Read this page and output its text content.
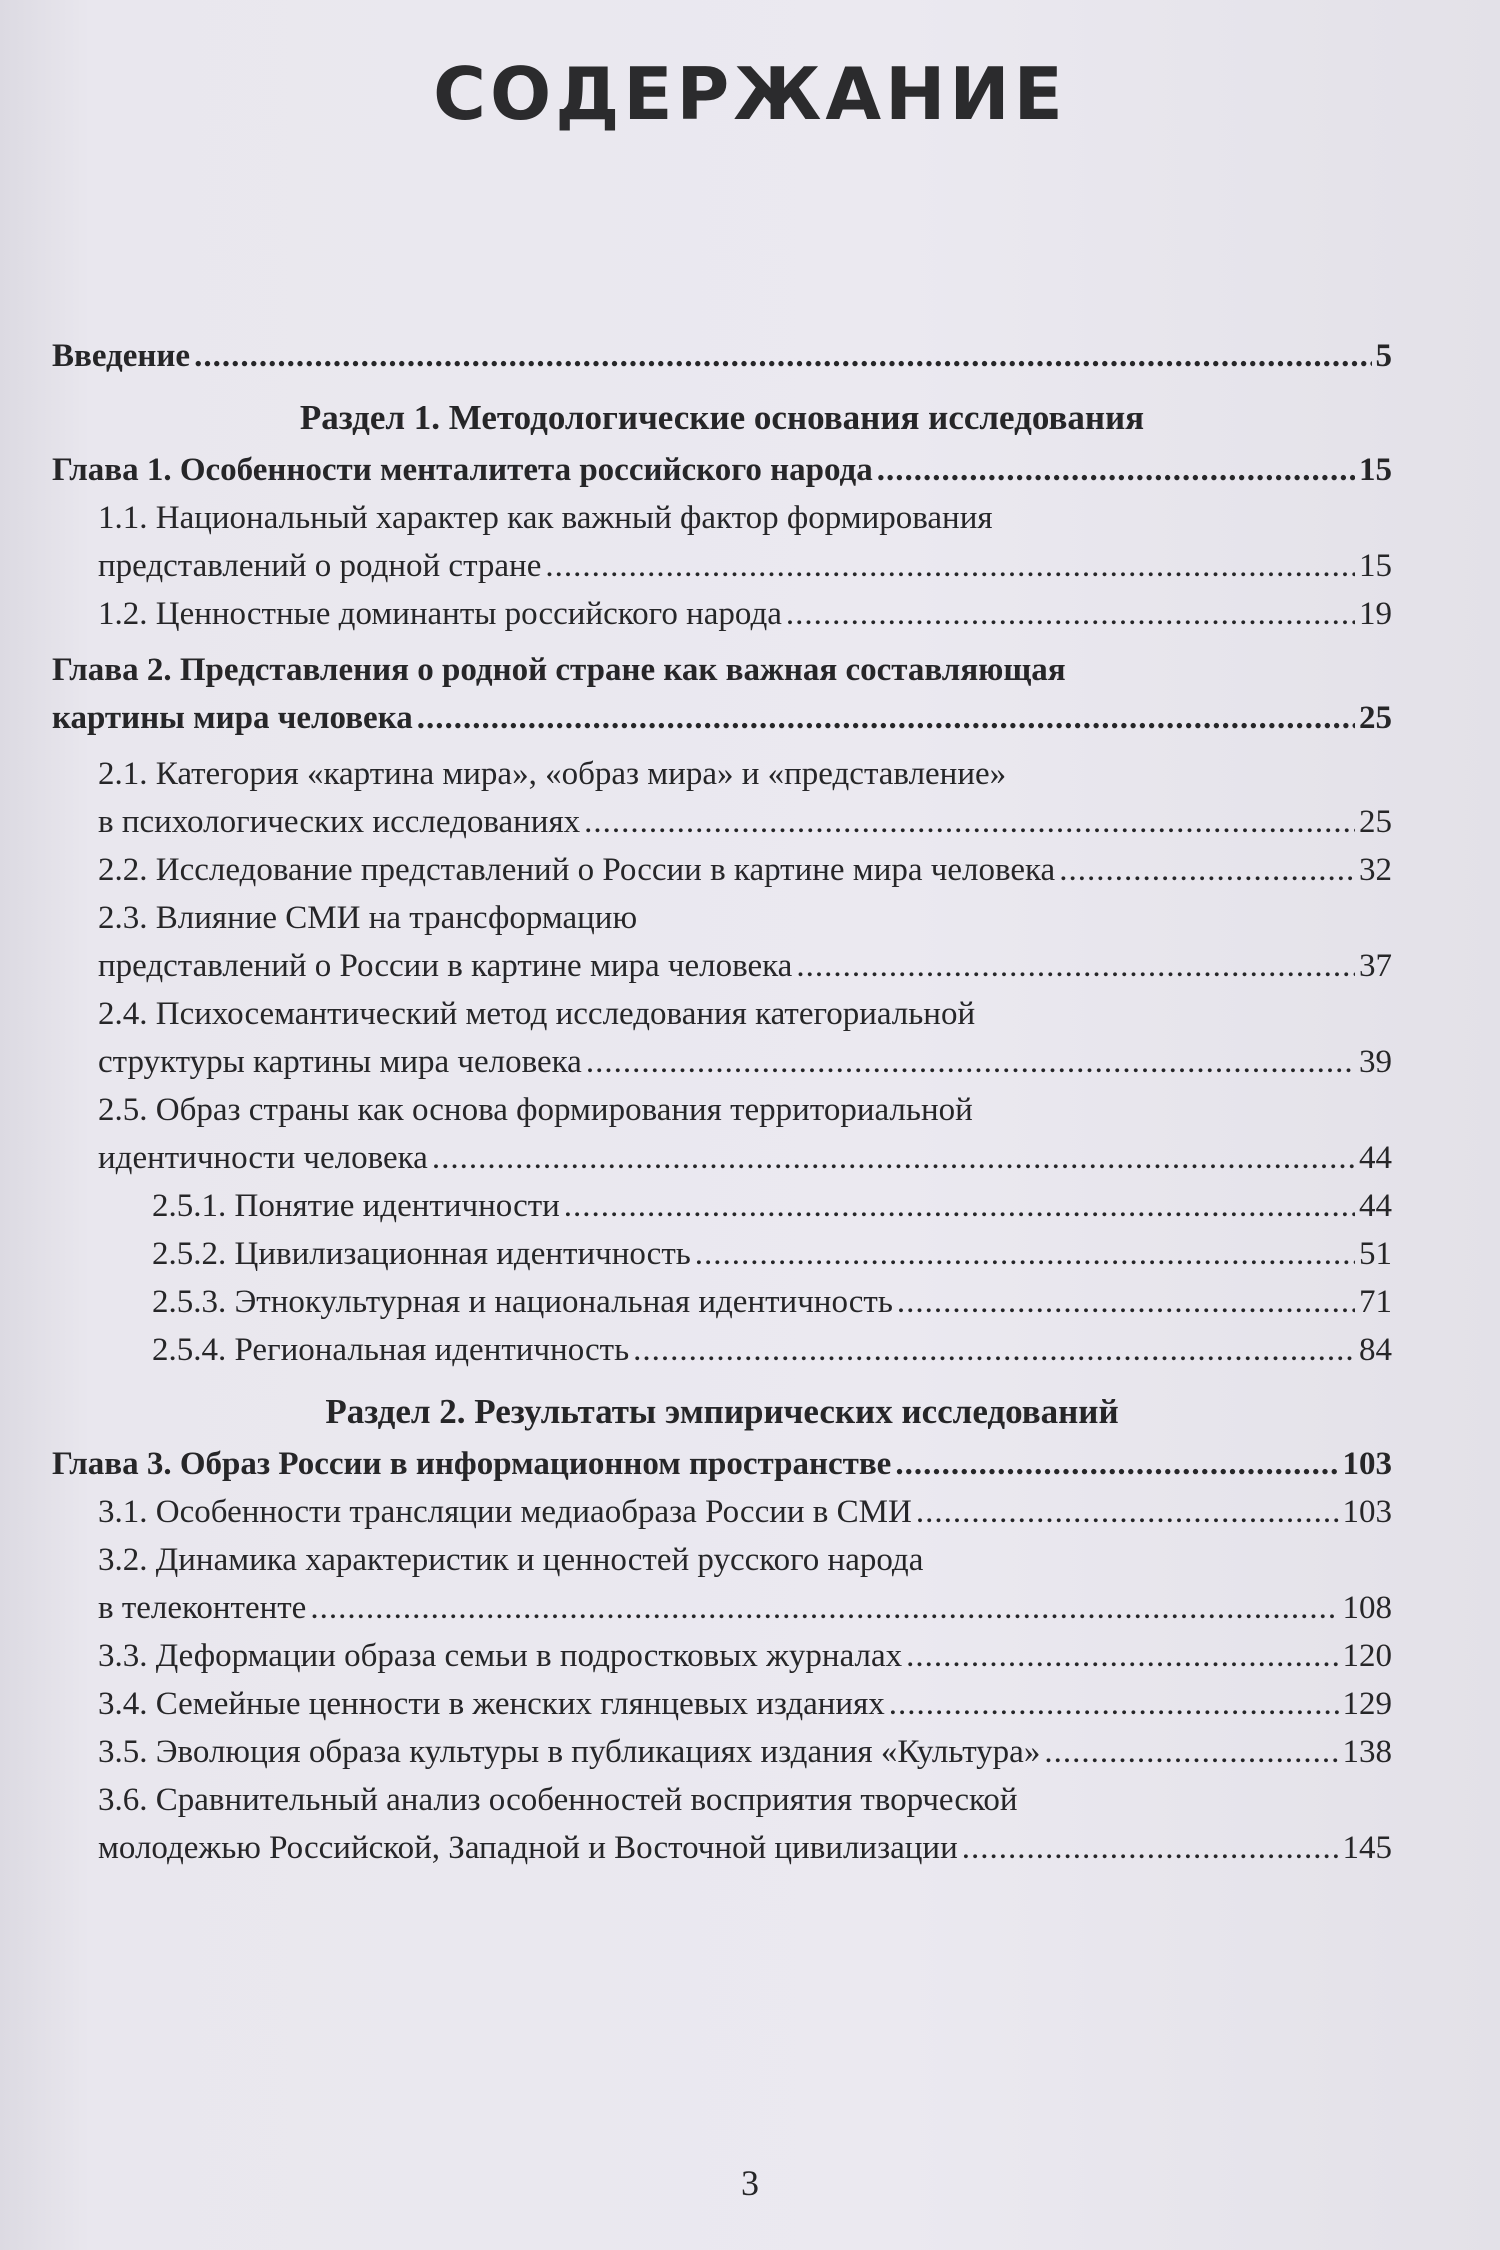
СОДЕРЖАНИЕ
Введение .....	5
Раздел 1. Методологические основания исследования
Глава 1. Особенности менталитета российского народа .....	15
1.1. Национальный характер как важный фактор формирования
представлений о родной стране .....	15
1.2. Ценностные доминанты российского народа .....	19
Глава 2. Представления о родной стране как важная составляющая
картины мира человека .....	25
2.1. Категория «картина мира», «образ мира» и «представление»
в психологических исследованиях .....	25
2.2. Исследование представлений о России в картине мира человека .....	32
2.3. Влияние СМИ на трансформацию
представлений о России в картине мира человека .....	37
2.4. Психосемантический метод исследования категориальной
структуры картины мира человека .....	39
2.5. Образ страны как основа формирования территориальной
идентичности человека .....	44
2.5.1. Понятие идентичности .....	44
2.5.2. Цивилизационная идентичность .....	51
2.5.3. Этнокультурная и национальная идентичность .....	71
2.5.4. Региональная идентичность .....	84
Раздел 2. Результаты эмпирических исследований
Глава 3. Образ России в информационном пространстве .....	103
3.1. Особенности трансляции медиаобраза России в СМИ .....	103
3.2. Динамика характеристик и ценностей русского народа
в телеконтенте .....	108
3.3. Деформации образа семьи в подростковых журналах .....	120
3.4. Семейные ценности в женских глянцевых изданиях .....	129
3.5. Эволюция образа культуры в публикациях издания «Культура» .....	138
3.6. Сравнительный анализ особенностей восприятия творческой
молодежью Российской, Западной и Восточной цивилизации .....	145
3
